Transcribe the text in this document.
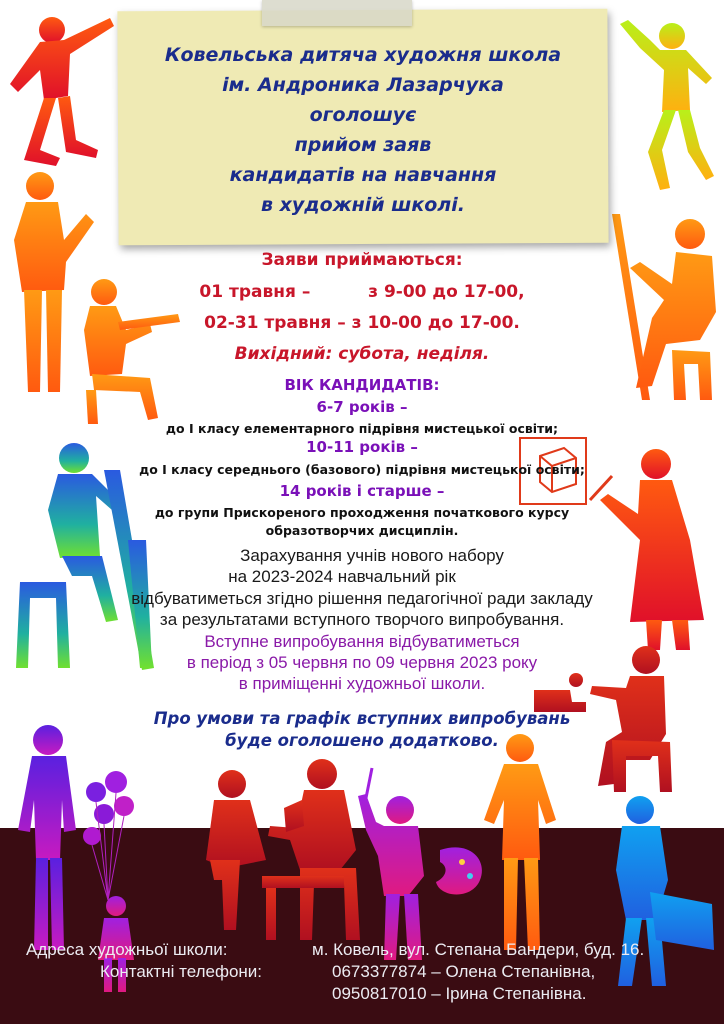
Ковельська дитяча художня школа
ім. Андроника Лазарчука
оголошує
прийом заяв
кандидатів на навчання
в художній школі.
Заяви приймаються:
01 травня –	з 9-00 до 17-00,
02-31 травня – з 10-00 до 17-00.
Вихідний: субота, неділя.
ВІК КАНДИДАТІВ:
6-7 років –
до І класу елементарного підрівня мистецької освіти;
10-11 років –
до І класу середнього (базового) підрівня мистецької освіти;
14 років і старше –
до групи Прискореного проходження початкового курсу
образотворчих дисциплін.
Зарахування учнів нового набору
на 2023-2024 навчальний рік
відбуватиметься згідно рішення педагогічної ради закладу
за результатами вступного творчого випробування.
Вступне випробування відбуватиметься
в період з 05 червня по 09 червня 2023 року
в приміщенні художньої школи.
Про умови та графік вступних випробувань
буде оголошено додатково.
Адреса художньої школи:	м. Ковель, вул. Степана Бандери, буд. 16.
Контактні телефони:	0673377874 – Олена Степанівна,
0950817010 – Ірина Степанівна.
